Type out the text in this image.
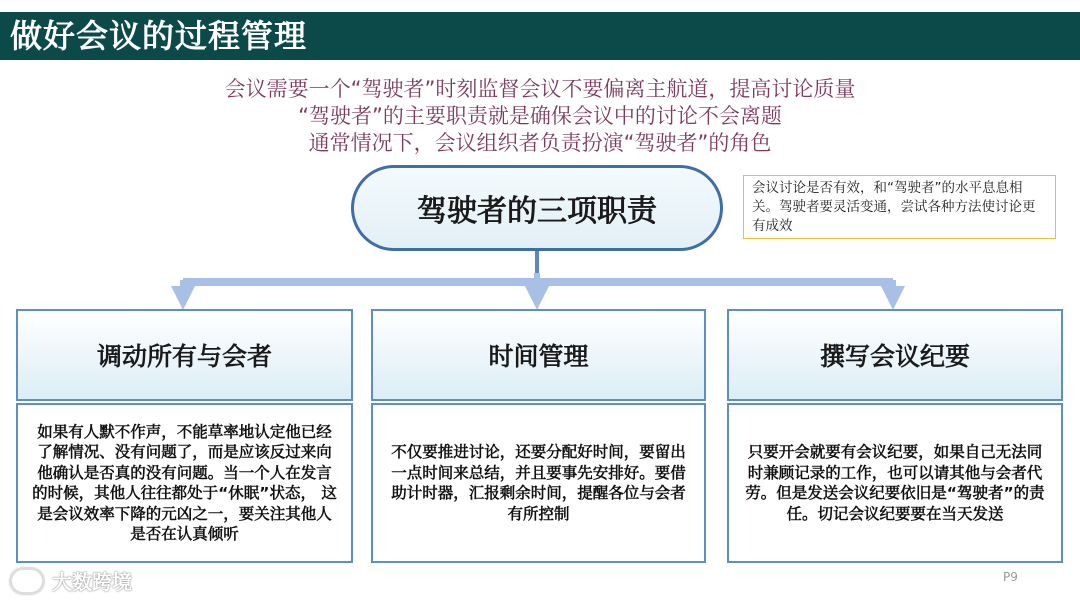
做好会议的过程管理
会议需要一个“驾驶者”时刻监督会议不要偏离主航道，提高讨论质量
“驾驶者”的主要职责就是确保会议中的讨论不会离题
通常情况下，会议组织者负责扮演“驾驶者”的角色
驾驶者的三项职责
会议讨论是否有效，和“驾驶者”的水平息息相关。驾驶者要灵活变通，尝试各种方法使讨论更有成效
调动所有与会者
如果有人默不作声，不能草率地认定他已经了解情况、没有问题了，而是应该反过来向他确认是否真的没有问题。当一个人在发言的时候，其他人往往都处于“休眠”状态， 这是会议效率下降的元凶之一，要关注其他人是否在认真倾听
时间管理
不仅要推进讨论，还要分配好时间，要留出一点时间来总结，并且要事先安排好。要借助计时器，汇报剩余时间，提醒各位与会者有所控制
撰写会议纪要
只要开会就要有会议纪要，如果自己无法同时兼顾记录的工作，也可以请其他与会者代劳。但是发送会议纪要依旧是“驾驶者”的责任。切记会议纪要要在当天发送
大数跨境	P9
